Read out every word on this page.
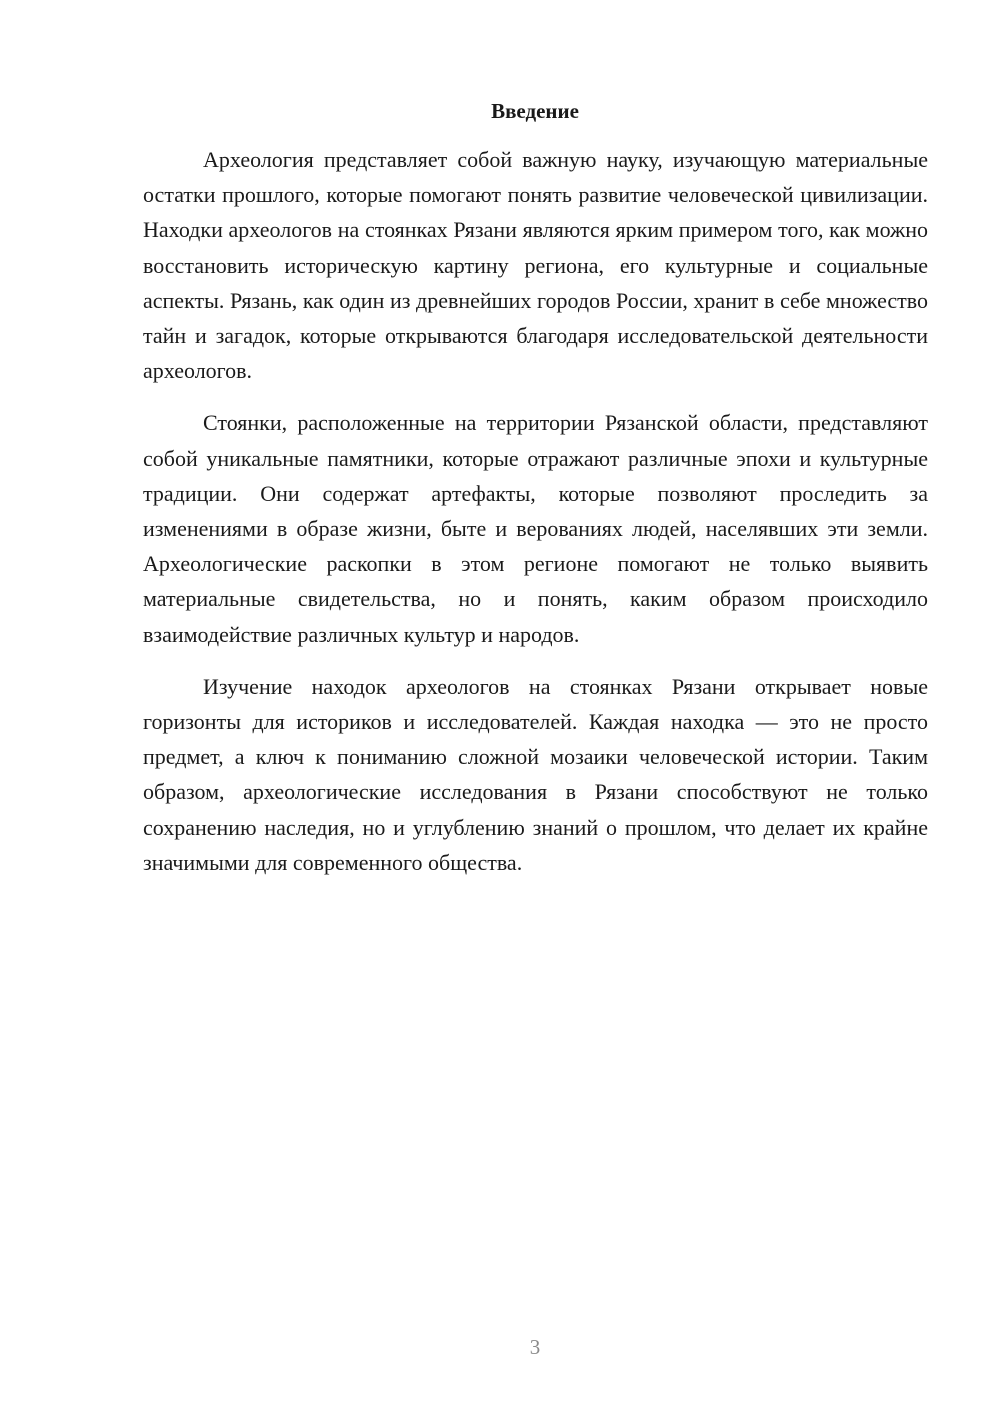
Введение

Археология представляет собой важную науку, изучающую материальные остатки прошлого, которые помогают понять развитие человеческой цивилизации. Находки археологов на стоянках Рязани являются ярким примером того, как можно восстановить историческую картину региона, его культурные и социальные аспекты. Рязань, как один из древнейших городов России, хранит в себе множество тайн и загадок, которые открываются благодаря исследовательской деятельности археологов.

Стоянки, расположенные на территории Рязанской области, представляют собой уникальные памятники, которые отражают различные эпохи и культурные традиции. Они содержат артефакты, которые позволяют проследить за изменениями в образе жизни, быте и верованиях людей, населявших эти земли. Археологические раскопки в этом регионе помогают не только выявить материальные свидетельства, но и понять, каким образом происходило взаимодействие различных культур и народов.

Изучение находок археологов на стоянках Рязани открывает новые горизонты для историков и исследователей. Каждая находка — это не просто предмет, а ключ к пониманию сложной мозаики человеческой истории. Таким образом, археологические исследования в Рязани способствуют не только сохранению наследия, но и углублению знаний о прошлом, что делает их крайне значимыми для современного общества.

3
